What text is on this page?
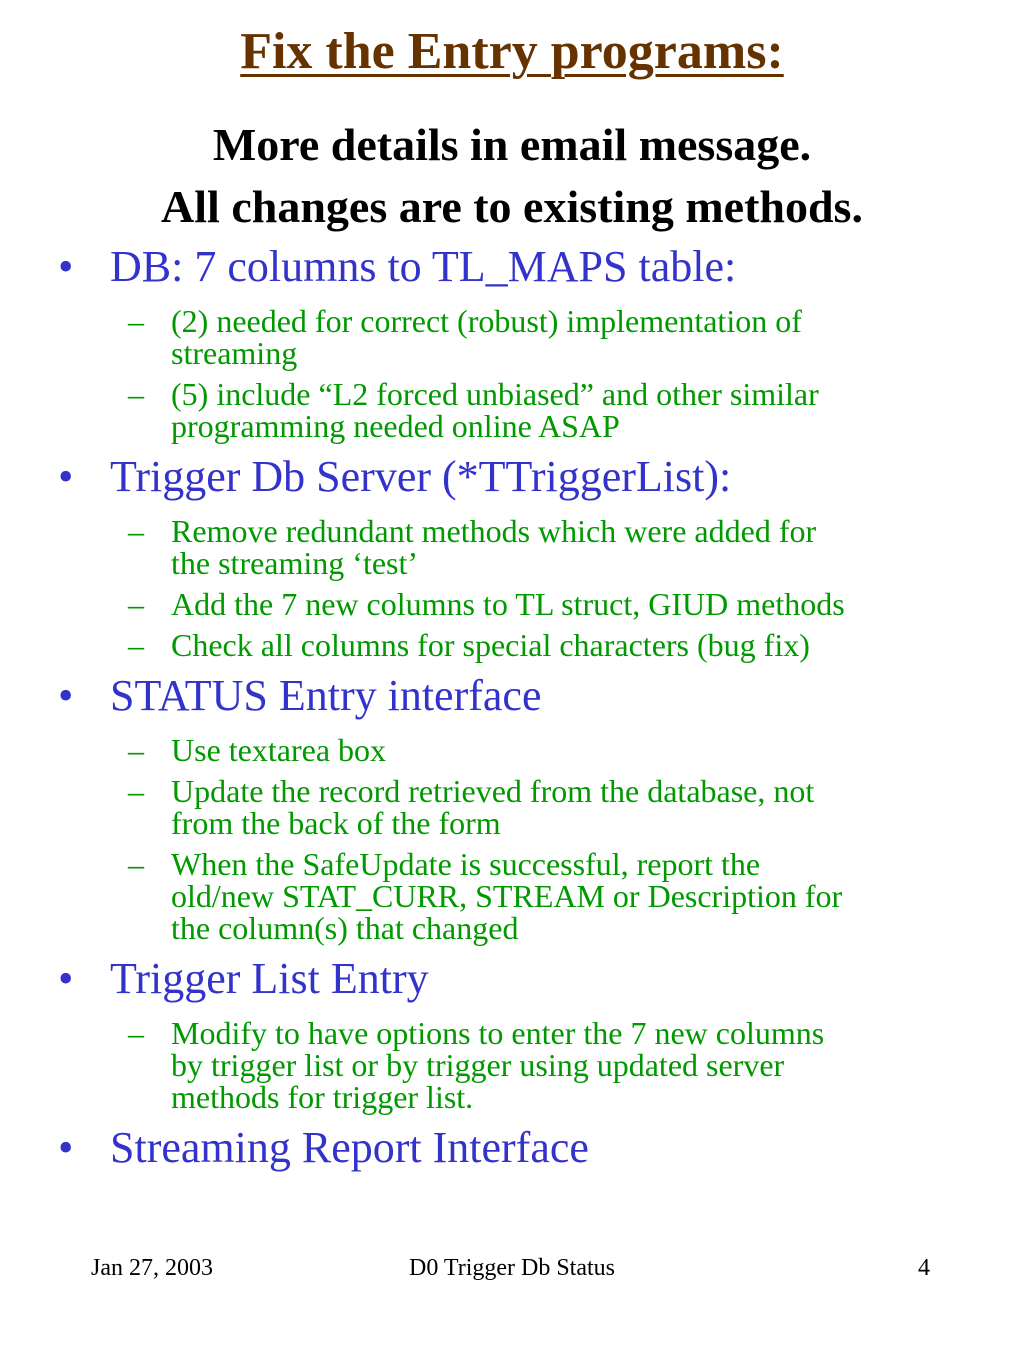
Fix the Entry programs:
More details in email message.
All changes are to existing methods.
• DB: 7 columns to TL_MAPS table:
– (2) needed for correct (robust) implementation of
streaming
– (5) include “L2 forced unbiased” and other similar
programming needed online ASAP
• Trigger Db Server (*TTriggerList):
– Remove redundant methods which were added for
the streaming ‘test’
– Add the 7 new columns to TL struct, GIUD methods
– Check all columns for special characters (bug fix)
• STATUS Entry interface
– Use textarea box
– Update the record retrieved from the database, not
from the back of the form
– When the SafeUpdate is successful, report the
old/new STAT_CURR, STREAM or Description for
the column(s) that changed
• Trigger List Entry
– Modify to have options to enter the 7 new columns
by trigger list or by trigger using updated server
methods for trigger list.
• Streaming Report Interface
Jan 27, 2003	D0 Trigger Db Status	4
